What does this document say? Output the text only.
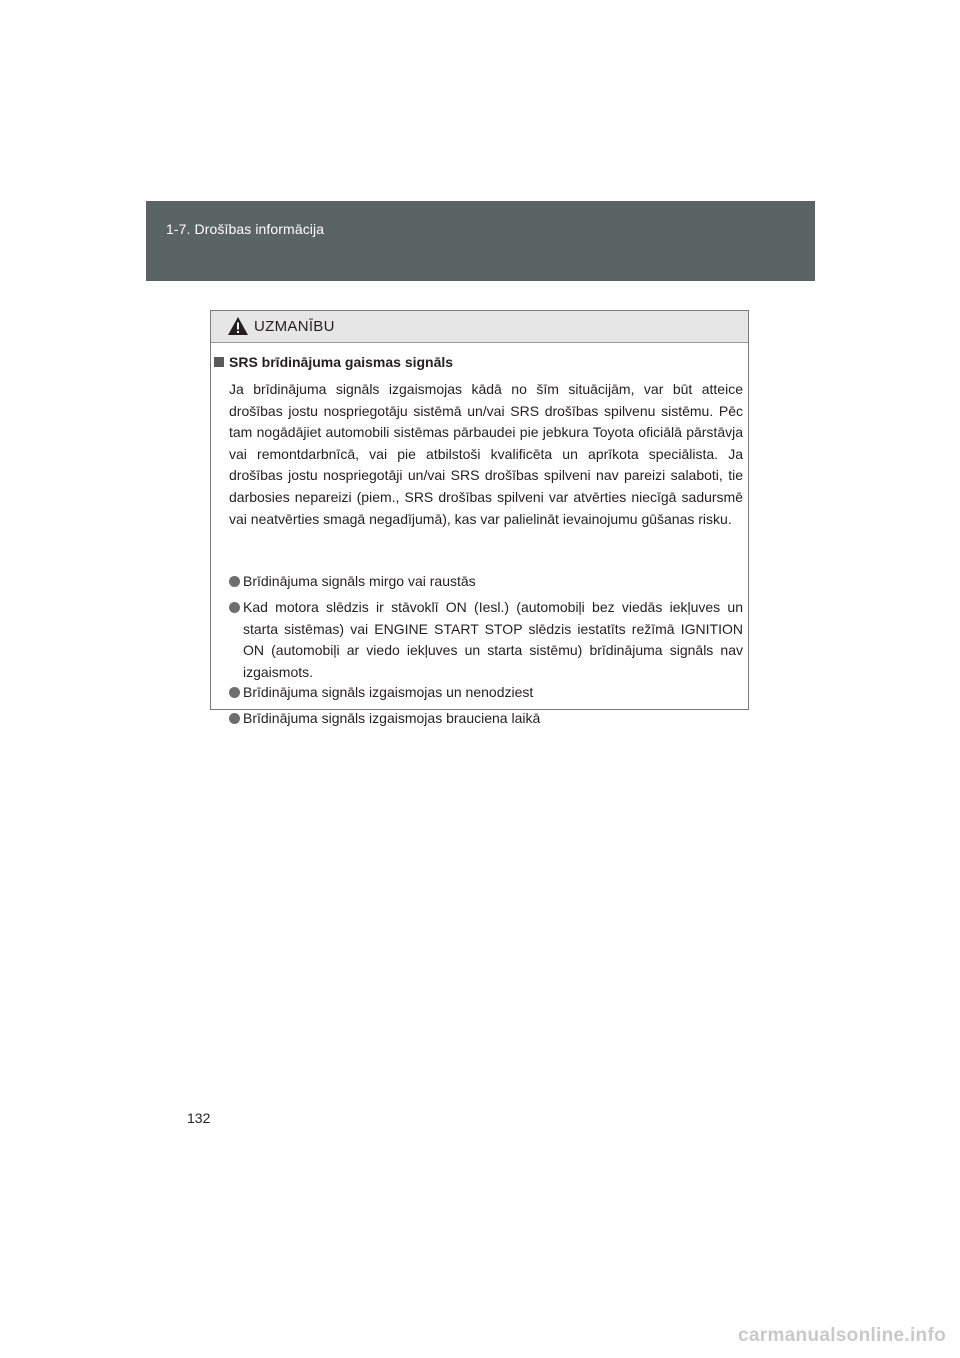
1-7. Drošības informācija
UZMANĪBU
SRS brīdinājuma gaismas signāls
Ja brīdinājuma signāls izgaismojas kādā no šīm situācijām, var būt atteice drošības jostu nospriegotāju sistēmā un/vai SRS drošības spilvenu sistēmu. Pēc tam nogādājiet automobili sistēmas pārbaudei pie jebkura Toyota oficiālā pārstāvja vai remontdarbnīcā, vai pie atbilstoši kvalificēta un aprīkota speciālista. Ja drošības jostu nospriegotāji un/vai SRS drošības spilveni nav pareizi salaboti, tie darbosies nepareizi (piem., SRS drošības spilveni var atvērties niecīgā sadursmē vai neatvērties smagā negadījumā), kas var palielināt ievainojumu gūšanas risku.
Brīdinājuma signāls mirgo vai raustās
Kad motora slēdzis ir stāvoklī ON (Iesl.) (automobiļi bez viedās iekļuves un starta sistēmas) vai ENGINE START STOP slēdzis iestatīts režīmā IGNITION ON (automobiļi ar viedo iekļuves un starta sistēmu) brīdinājuma signāls nav izgaismots.
Brīdinājuma signāls izgaismojas un nenodziest
Brīdinājuma signāls izgaismojas brauciena laikā
132
carmanualsonline.info
